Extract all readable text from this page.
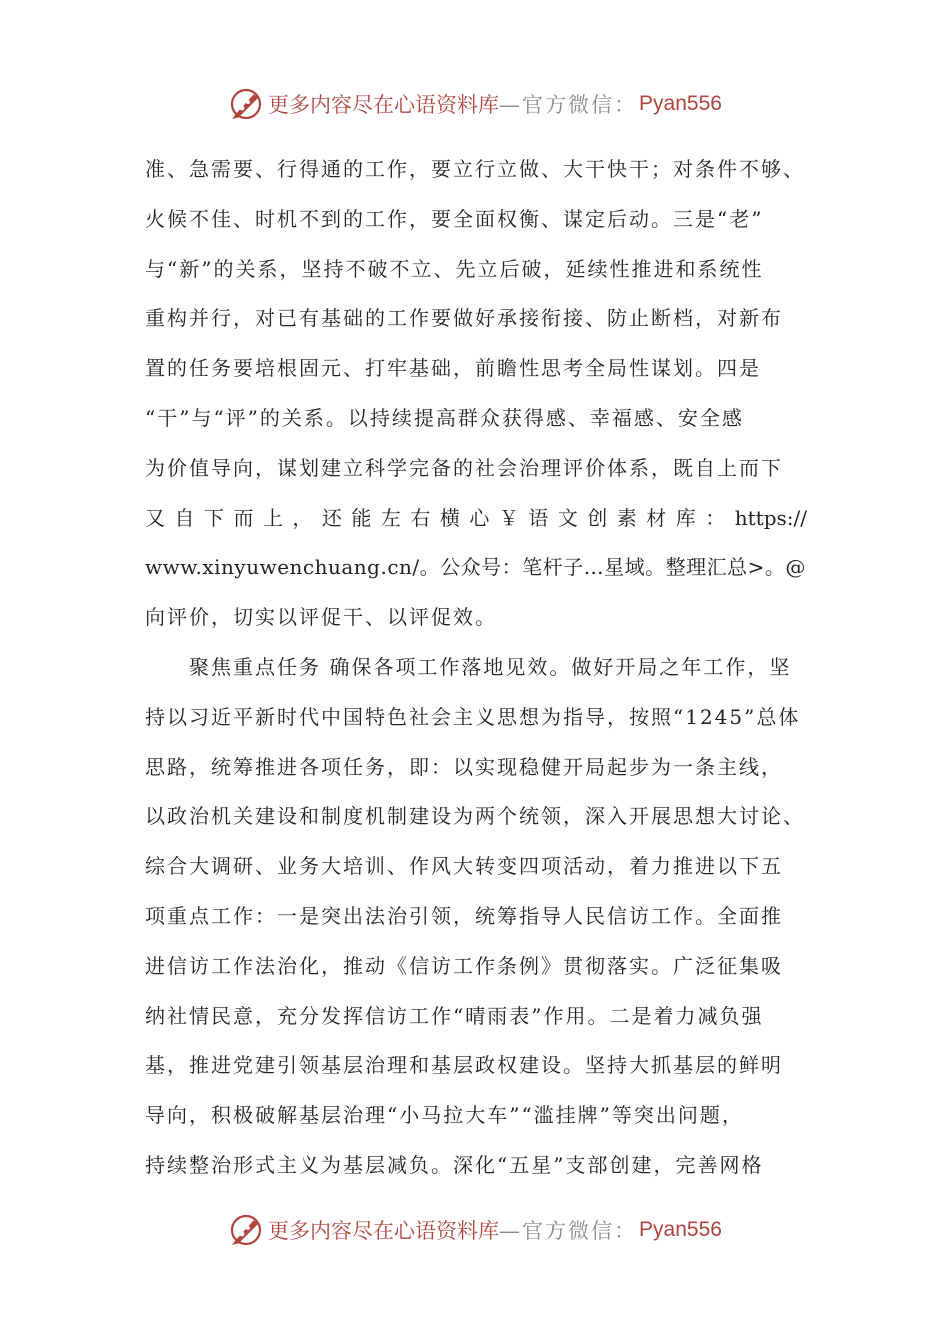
更多内容尽在心语资料库 —官方微信： Pyan556
准、急需要、行得通的工作，要立行立做、大干快干；对条件不够、
火候不佳、时机不到的工作，要全面权衡、谋定后动。三是“老”
与“新”的关系，坚持不破不立、先立后破，延续性推进和系统性
重构并行，对已有基础的工作要做好承接衔接、防止断档，对新布
置的任务要培根固元、打牢基础，前瞻性思考全局性谋划。四是
“干”与“评”的关系。以持续提高群众获得感、幸福感、安全感
为价值导向，谋划建立科学完备的社会治理评价体系，既自上而下
又自下而上，还能左右横心￥语文创素材库：https://
www.xinyuwenchuang.cn/。公众号：笔杆子…星域。整理汇总>。@
向评价，切实以评促干、以评促效。
　　聚焦重点任务 确保各项工作落地见效。做好开局之年工作，坚
持以习近平新时代中国特色社会主义思想为指导，按照“1245”总体
思路，统筹推进各项任务，即：以实现稳健开局起步为一条主线，
以政治机关建设和制度机制建设为两个统领，深入开展思想大讨论、
综合大调研、业务大培训、作风大转变四项活动，着力推进以下五
项重点工作：一是突出法治引领，统筹指导人民信访工作。全面推
进信访工作法治化，推动《信访工作条例》贯彻落实。广泛征集吸
纳社情民意，充分发挥信访工作“晴雨表”作用。二是着力减负强
基，推进党建引领基层治理和基层政权建设。坚持大抓基层的鲜明
导向，积极破解基层治理“小马拉大车”“滥挂牌”等突出问题，
持续整治形式主义为基层减负。深化“五星”支部创建，完善网格
更多内容尽在心语资料库 —官方微信： Pyan556
